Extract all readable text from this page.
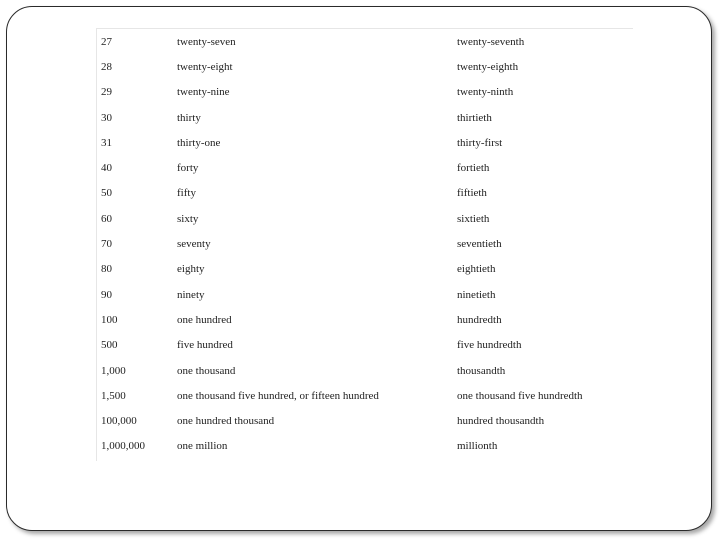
27	twenty-seven	twenty-seventh
28	twenty-eight	twenty-eighth
29	twenty-nine	twenty-ninth
30	thirty	thirtieth
31	thirty-one	thirty-first
40	forty	fortieth
50	fifty	fiftieth
60	sixty	sixtieth
70	seventy	seventieth
80	eighty	eightieth
90	ninety	ninetieth
100	one hundred	hundredth
500	five hundred	five hundredth
1,000	one thousand	thousandth
1,500	one thousand five hundred, or fifteen hundred	one thousand five hundredth
100,000	one hundred thousand	hundred thousandth
1,000,000	one million	millionth
